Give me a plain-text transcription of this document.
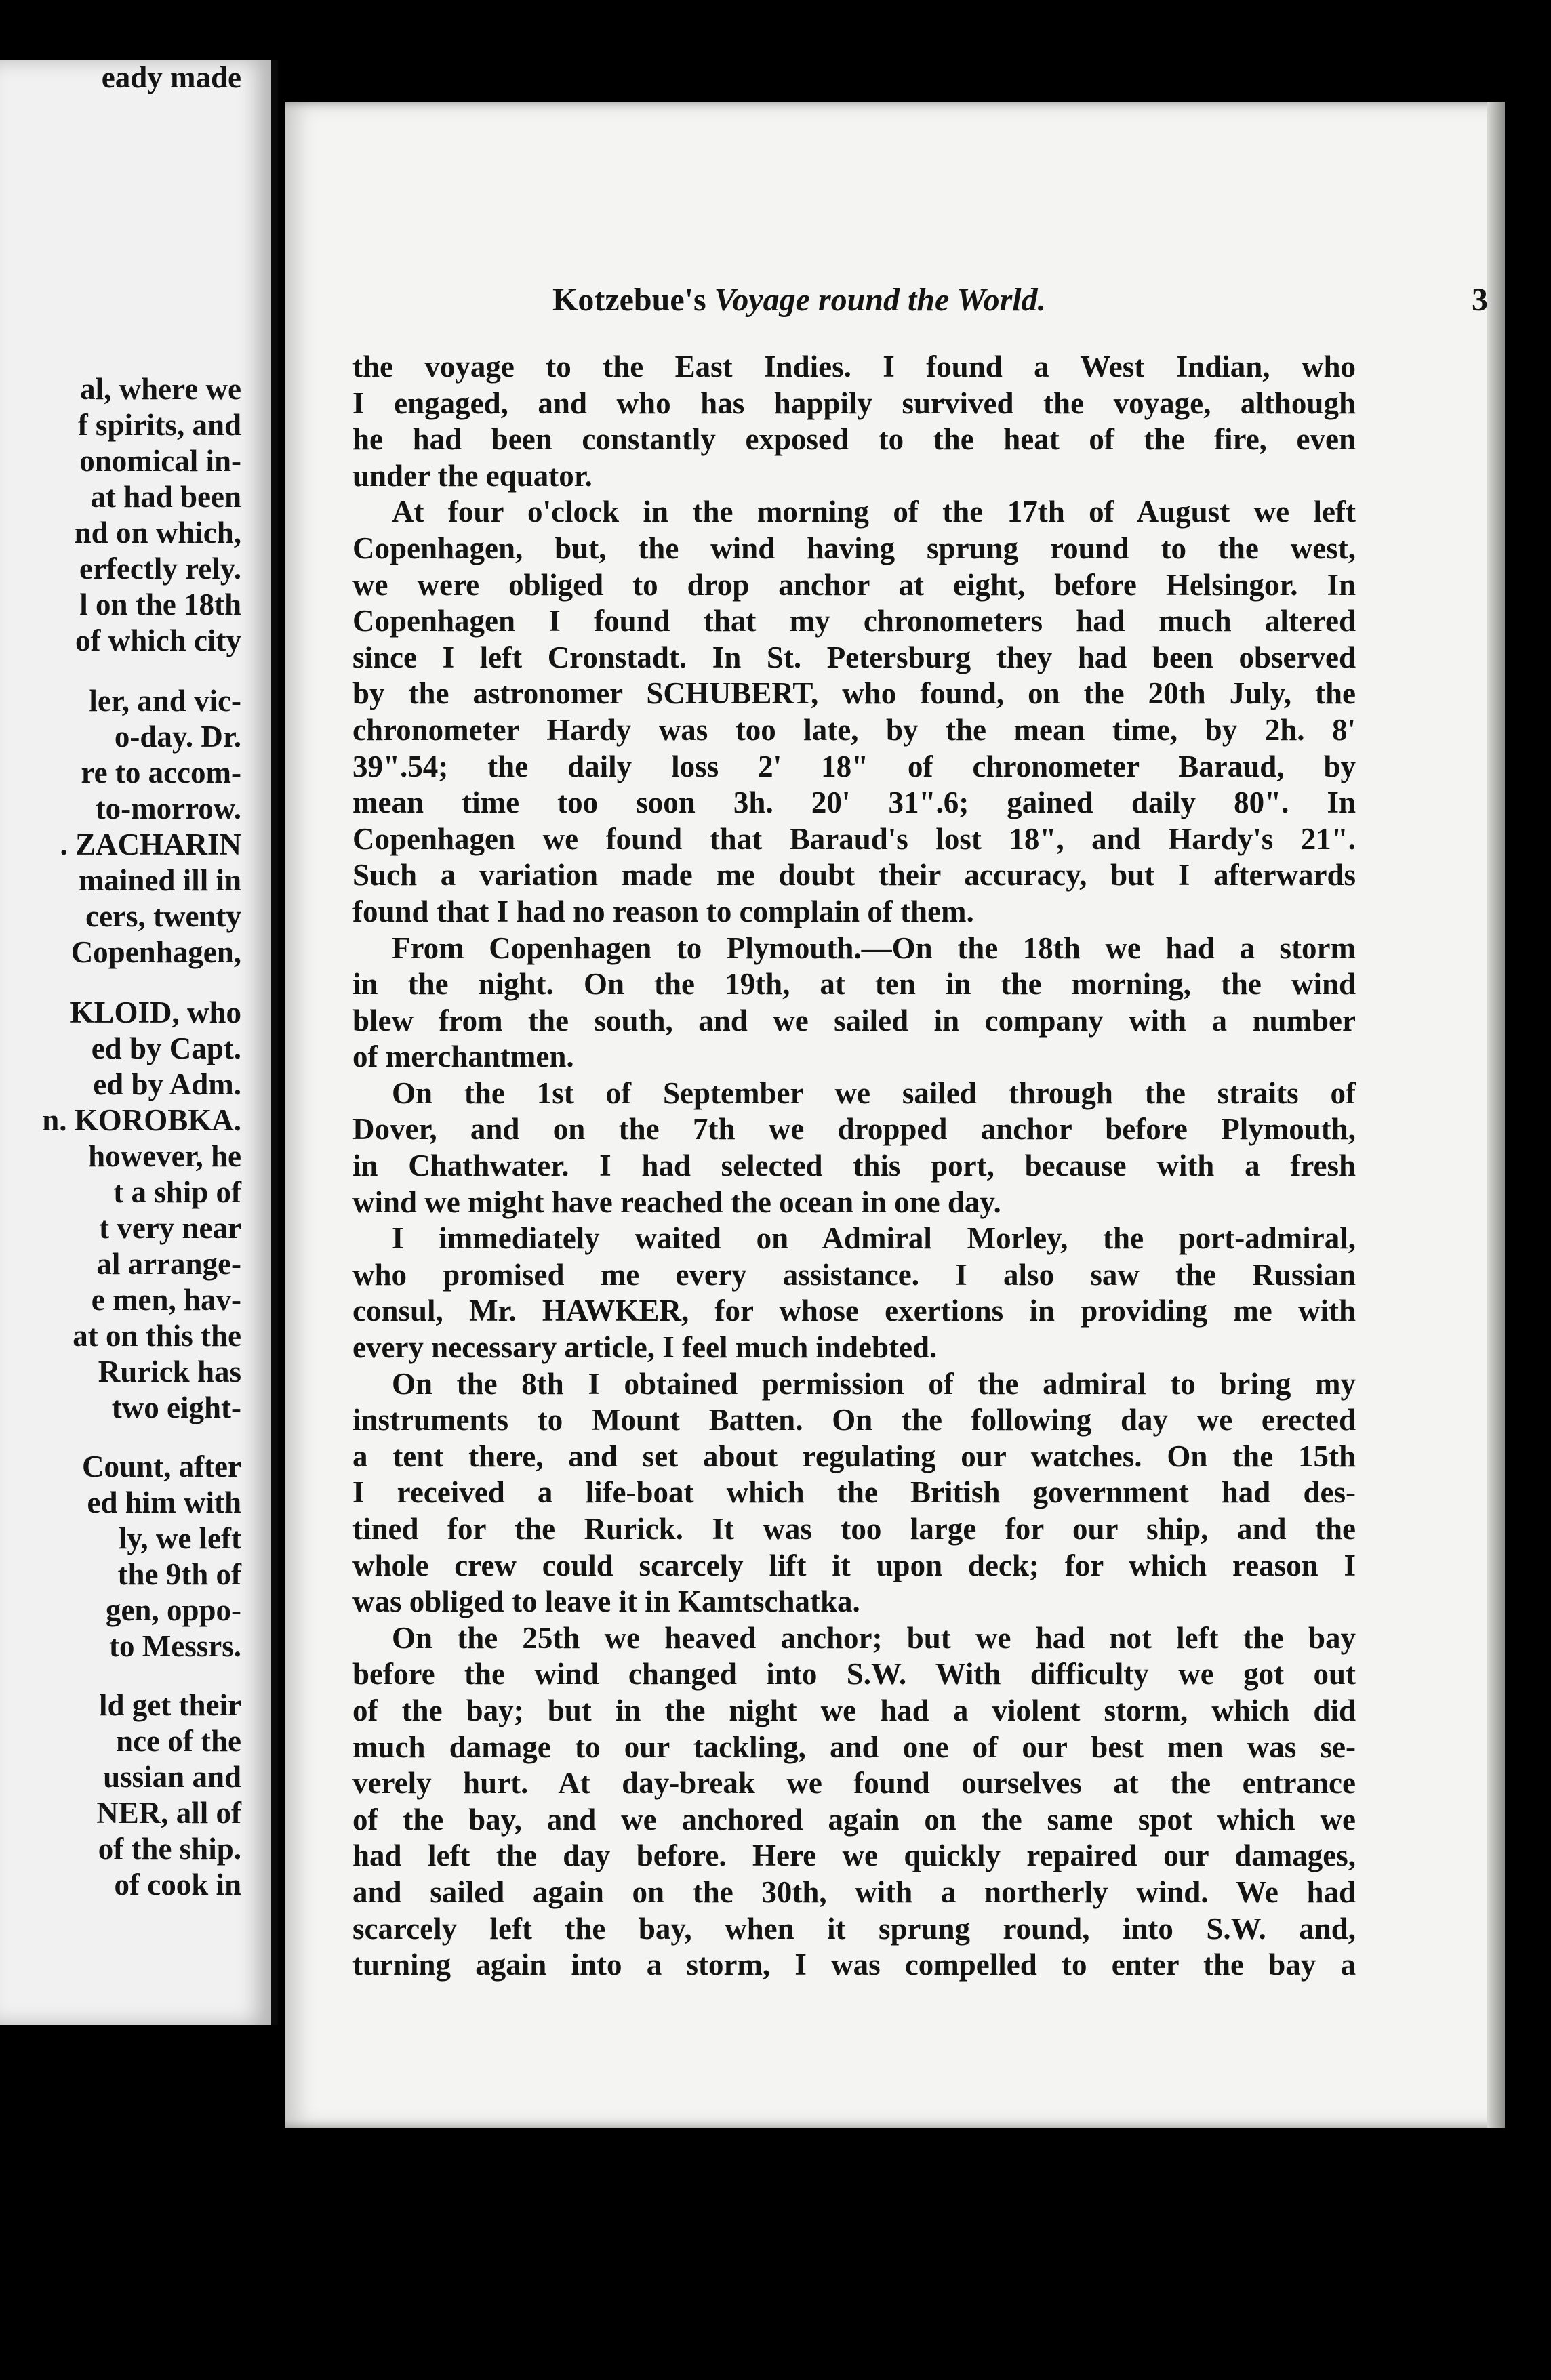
al, where we
f spirits, and
onomical in-
at had been
nd on which,
erfectly rely.
l on the 18th
of which city
ler, and vic-
o-day. Dr.
re to accom-
to-morrow.
. ZACHARIN
mained ill in
cers, twenty
Copenhagen,
KLOID, who
ed by Capt.
ed by Adm.
n. KOROBKA.
however, he
t a ship of
t very near
al arrange-
e men, hav-
at on this the
Rurick has
two eight-
Count, after
ed him with
ly, we left
the 9th of
gen, oppo-
to Messrs.
ld get their
nce of the
ussian and
NER, all of
of the ship.
of cook in
eady made
Kotzebue's Voyage round the World.	3
the voyage to the East Indies. I found a West Indian, who
I engaged, and who has happily survived the voyage, although
he had been constantly exposed to the heat of the fire, even
under the equator.
At four o'clock in the morning of the 17th of August we left
Copenhagen, but, the wind having sprung round to the west,
we were obliged to drop anchor at eight, before Helsingor. In
Copenhagen I found that my chronometers had much altered
since I left Cronstadt. In St. Petersburg they had been observed
by the astronomer SCHUBERT, who found, on the 20th July, the
chronometer Hardy was too late, by the mean time, by 2h. 8'
39".54; the daily loss 2' 18" of chronometer Baraud, by
mean time too soon 3h. 20' 31".6; gained daily 80". In
Copenhagen we found that Baraud's lost 18", and Hardy's 21".
Such a variation made me doubt their accuracy, but I afterwards
found that I had no reason to complain of them.
From Copenhagen to Plymouth.—On the 18th we had a storm
in the night. On the 19th, at ten in the morning, the wind
blew from the south, and we sailed in company with a number
of merchantmen.
On the 1st of September we sailed through the straits of
Dover, and on the 7th we dropped anchor before Plymouth,
in Chathwater. I had selected this port, because with a fresh
wind we might have reached the ocean in one day.
I immediately waited on Admiral Morley, the port-admiral,
who promised me every assistance. I also saw the Russian
consul, Mr. HAWKER, for whose exertions in providing me with
every necessary article, I feel much indebted.
On the 8th I obtained permission of the admiral to bring my
instruments to Mount Batten. On the following day we erected
a tent there, and set about regulating our watches. On the 15th
I received a life-boat which the British government had des-
tined for the Rurick. It was too large for our ship, and the
whole crew could scarcely lift it upon deck; for which reason I
was obliged to leave it in Kamtschatka.
On the 25th we heaved anchor; but we had not left the bay
before the wind changed into S.W. With difficulty we got out
of the bay; but in the night we had a violent storm, which did
much damage to our tackling, and one of our best men was se-
verely hurt. At day-break we found ourselves at the entrance
of the bay, and we anchored again on the same spot which we
had left the day before. Here we quickly repaired our damages,
and sailed again on the 30th, with a northerly wind. We had
scarcely left the bay, when it sprung round, into S.W. and,
turning again into a storm, I was compelled to enter the bay a
